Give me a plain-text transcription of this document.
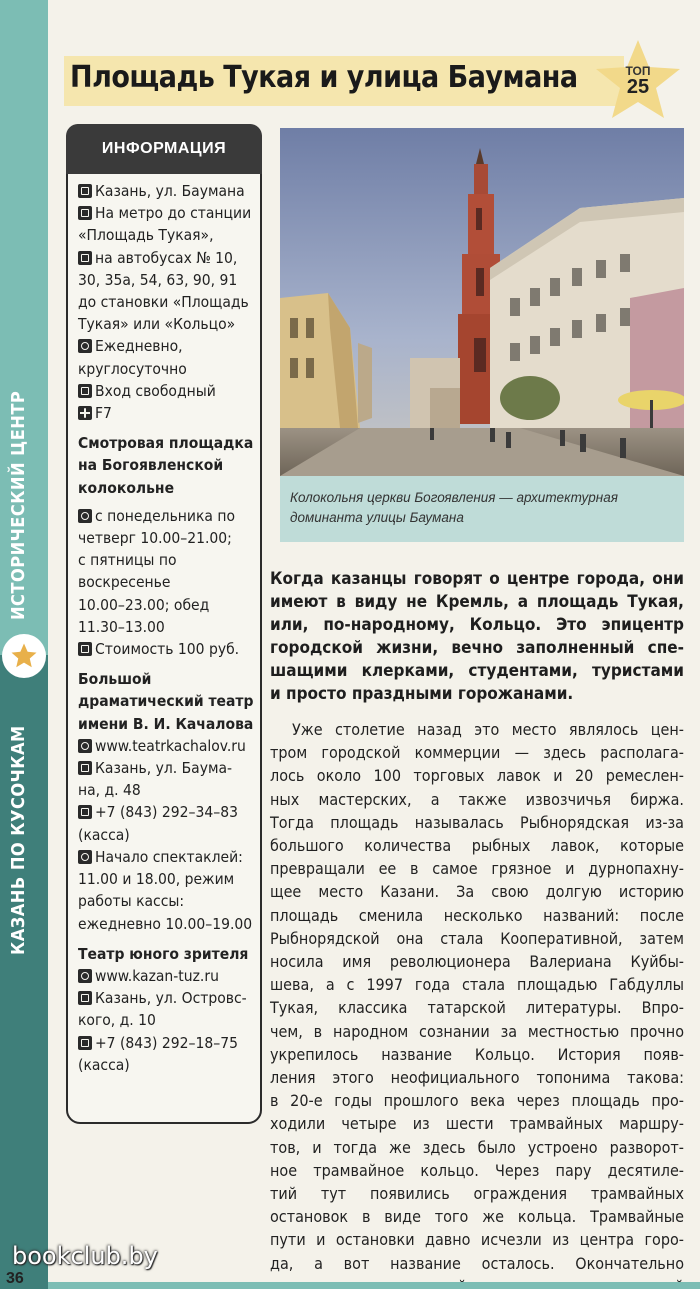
ИСТОРИЧЕСКИЙ ЦЕНТР
КАЗАНЬ ПО КУСОЧКАМ
Площадь Тукая и улица Баумана	ТОП
25
ИНФОРМАЦИЯ
Казань, ул. Баумана
На метро до станции
«Площадь Тукая»,
на автобусах № 10,
30, 35а, 54, 63, 90, 91
до становки «Площадь
Тукая» или «Кольцо»
Ежедневно,
круглосуточно
Вход свободный
F7
Смотровая площадка
на Богоявленской
колокольне
с понедельника по
четверг 10.00–21.00;
с пятницы по
воскресенье
10.00–23.00; обед
11.30–13.00
Стоимость 100 руб.
Большой
драматический театр
имени В. И. Качалова
www.teatrkachalov.ru
Казань, ул. Баума-
на, д. 48
+7 (843) 292–34–83
(касса)
Начало спектаклей:
11.00 и 18.00, режим
работы кассы:
ежедневно 10.00–19.00
Театр юного зрителя
www.kazan-tuz.ru
Казань, ул. Островс-
кого, д. 10
+7 (843) 292–18–75
(касса)

Колокольня церкви Богоявления — архитектурная доминанта улицы Баумана

Когда казанцы говорят о центре города, они
имеют в виду не Кремль, а площадь Тукая,
или, по-народному, Кольцо. Это эпицентр
городской жизни, вечно заполненный спе-
шащими клерками, студентами, туристами
и просто праздными горожанами.
Уже столетие назад это место являлось цен-
тром городской коммерции — здесь располага-
лось около 100 торговых лавок и 20 ремеслен-
ных мастерских, а также извозчичья биржа.
Тогда площадь называлась Рыбнорядская из-за
большого количества рыбных лавок, которые
превращали ее в самое грязное и дурнопахну-
щее место Казани. За свою долгую историю
площадь сменила несколько названий: после
Рыбнорядской она стала Кооперативной, затем
носила имя революционера Валериана Куйбы-
шева, а с 1997 года стала площадью Габдуллы
Тукая, классика татарской литературы. Впро-
чем, в народном сознании за местностью прочно
укрепилось название Кольцо. История появ-
ления этого неофициального топонима такова:
в 20-е годы прошлого века через площадь про-
ходили четыре из шести трамвайных маршру-
тов, и тогда же здесь было устроено разворот-
ное трамвайное кольцо. Через пару десятиле-
тий тут появились ограждения трамвайных
остановок в виде того же кольца. Трамвайные
пути и остановки давно исчезли из центра горо-
да, а вот название осталось. Окончательно
bookclub.by
36
